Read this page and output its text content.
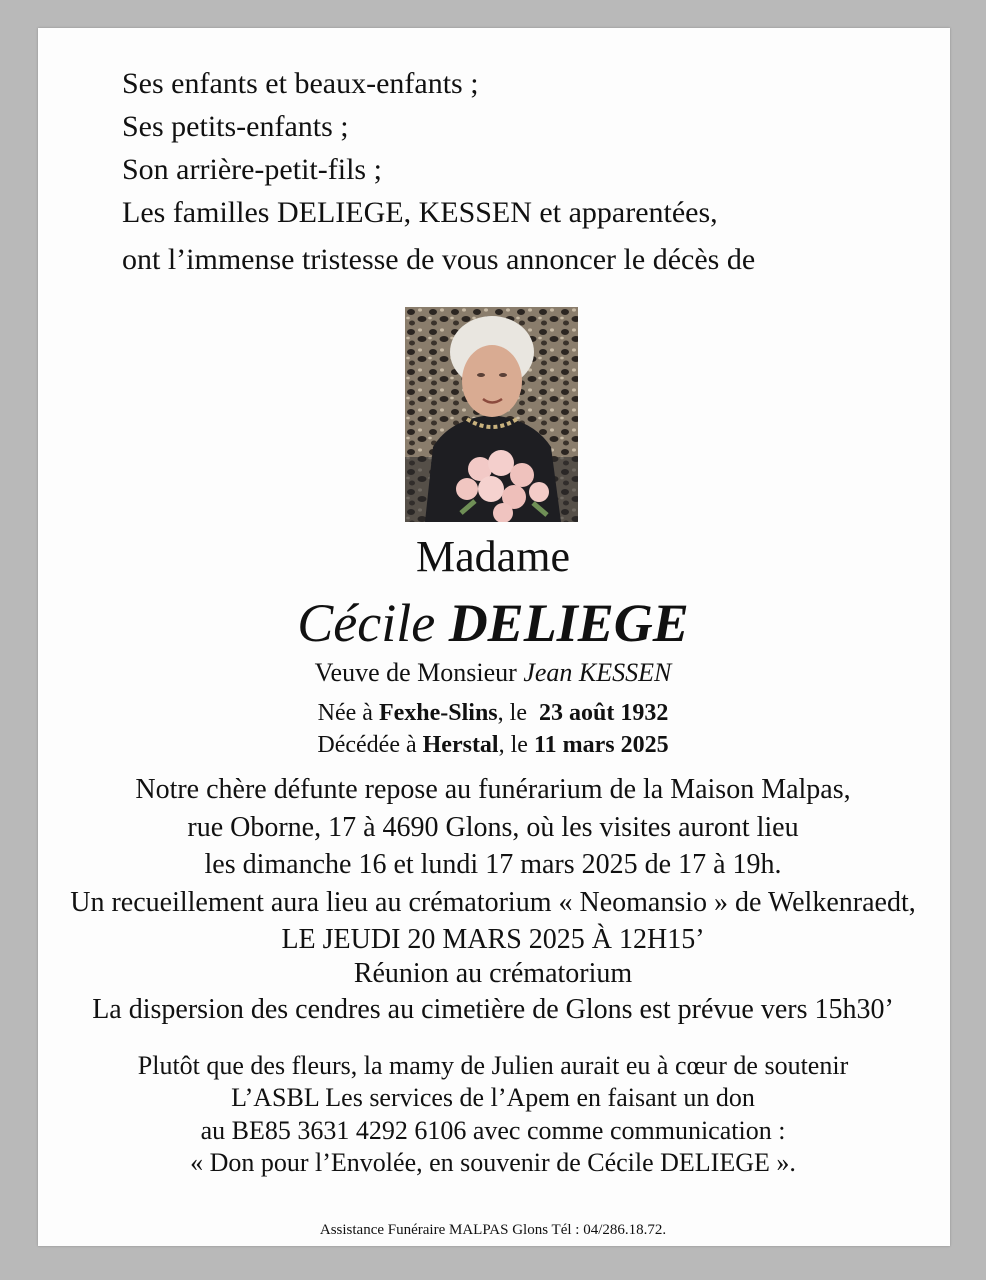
Ses enfants et beaux-enfants ;
Ses petits-enfants ;
Son arrière-petit-fils ;
Les familles DELIEGE, KESSEN et apparentées,
ont l’immense tristesse de vous annoncer le décès de
Madame
Cécile DELIEGE
Veuve de Monsieur Jean KESSEN
Née à Fexhe-Slins, le 23 août 1932
Décédée à Herstal, le 11 mars 2025
Notre chère défunte repose au funérarium de la Maison Malpas,
rue Oborne, 17 à 4690 Glons, où les visites auront lieu
les dimanche 16 et lundi 17 mars 2025 de 17 à 19h.
Un recueillement aura lieu au crématorium « Neomansio » de Welkenraedt,
LE JEUDI 20 MARS 2025 À 12H15’
Réunion au crématorium
La dispersion des cendres au cimetière de Glons est prévue vers 15h30’
Plutôt que des fleurs, la mamy de Julien aurait eu à cœur de soutenir
L’ASBL Les services de l’Apem en faisant un don
au BE85 3631 4292 6106 avec comme communication :
« Don pour l’Envolée, en souvenir de Cécile DELIEGE ».
Assistance Funéraire MALPAS Glons Tél : 04/286.18.72.
